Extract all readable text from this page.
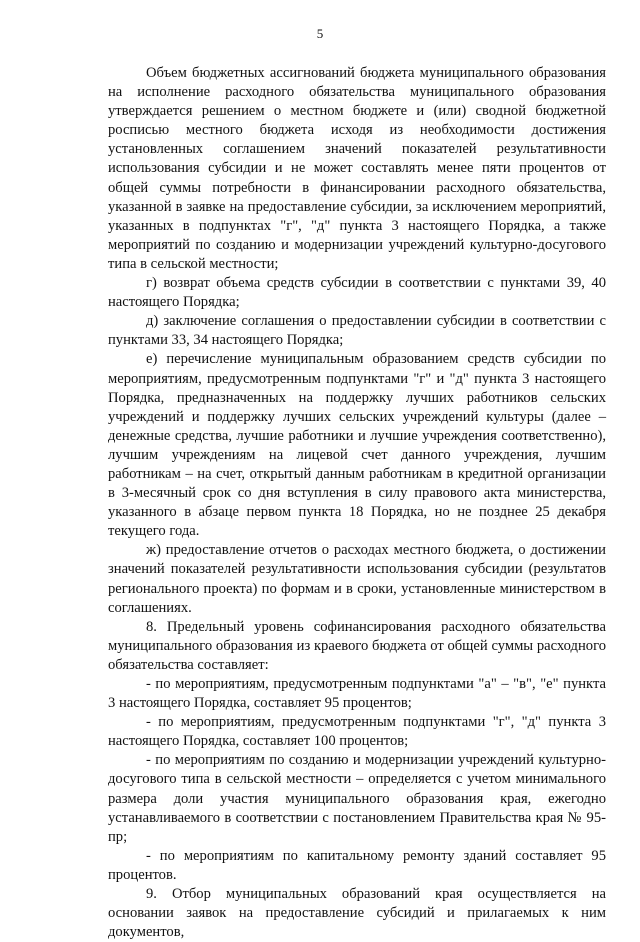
5

Объем бюджетных ассигнований бюджета муниципального образования на исполнение расходного обязательства муниципального образования утверждается решением о местном бюджете и (или) сводной бюджетной росписью местного бюджета исходя из необходимости достижения установленных соглашением значений показателей результативности использования субсидии и не может составлять менее пяти процентов от общей суммы потребности в финансировании расходного обязательства, указанной в заявке на предоставление субсидии, за исключением мероприятий, указанных в подпунктах "г", "д" пункта 3 настоящего Порядка, а также мероприятий по созданию и модернизации учреждений культурно-досугового типа в сельской местности;

г) возврат объема средств субсидии в соответствии с пунктами 39, 40 настоящего Порядка;

д) заключение соглашения о предоставлении субсидии в соответствии с пунктами 33, 34 настоящего Порядка;

е) перечисление муниципальным образованием средств субсидии по мероприятиям, предусмотренным подпунктами "г" и "д" пункта 3 настоящего Порядка, предназначенных на поддержку лучших работников сельских учреждений и поддержку лучших сельских учреждений культуры (далее – денежные средства, лучшие работники и лучшие учреждения соответственно), лучшим учреждениям на лицевой счет данного учреждения, лучшим работникам – на счет, открытый данным работникам в кредитной организации в 3-месячный срок со дня вступления в силу правового акта министерства, указанного в абзаце первом пункта 18 Порядка, но не позднее 25 декабря текущего года.

ж) предоставление отчетов о расходах местного бюджета, о достижении значений показателей результативности использования субсидии (результатов регионального проекта) по формам и в сроки, установленные министерством в соглашениях.

8. Предельный уровень софинансирования расходного обязательства муниципального образования из краевого бюджета от общей суммы расходного обязательства составляет:

- по мероприятиям, предусмотренным подпунктами "а" – "в", "е" пункта 3 настоящего Порядка, составляет 95 процентов;

- по мероприятиям, предусмотренным подпунктами "г", "д" пункта 3 настоящего Порядка, составляет 100 процентов;

- по мероприятиям по созданию и модернизации учреждений культурно-досугового типа в сельской местности – определяется с учетом минимального размера доли участия муниципального образования края, ежегодно устанавливаемого в соответствии с постановлением Правительства края № 95-пр;

- по мероприятиям по капитальному ремонту зданий составляет 95 процентов.

9. Отбор муниципальных образований края осуществляется на основании заявок на предоставление субсидий и прилагаемых к ним документов,
